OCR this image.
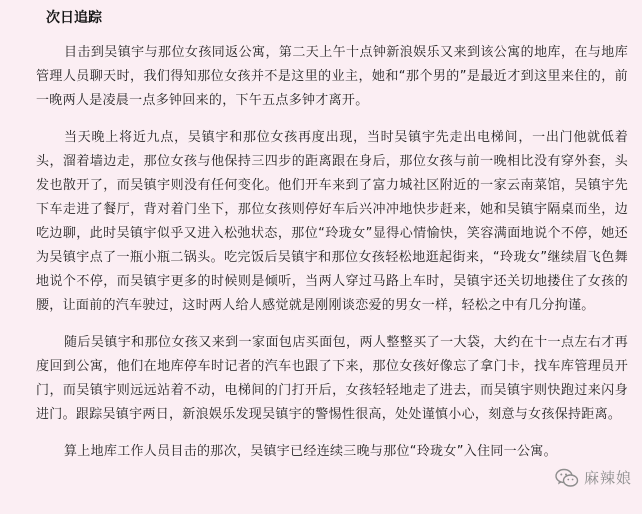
次日追踪

目击到吴镇宇与那位女孩同返公寓，第二天上午十点钟新浪娱乐又来到该公寓的地库，在与地库管理人员聊天时，我们得知那位女孩并不是这里的业主，她和“那个男的”是最近才到这里来住的，前一晚两人是凌晨一点多钟回来的，下午五点多钟才离开。

当天晚上将近九点，吴镇宇和那位女孩再度出现，当时吴镇宇先走出电梯间，一出门他就低着头，溜着墙边走，那位女孩与他保持三四步的距离跟在身后，那位女孩与前一晚相比没有穿外套，头发也散开了，而吴镇宇则没有任何变化。他们开车来到了富力城社区附近的一家云南菜馆，吴镇宇先下车走进了餐厅，背对着门坐下，那位女孩则停好车后兴冲冲地快步赶来，她和吴镇宇隔桌而坐，边吃边聊，此时吴镇宇似乎又进入松弛状态，那位“玲珑女”显得心情愉快，笑容满面地说个不停，她还为吴镇宇点了一瓶小瓶二锅头。吃完饭后吴镇宇和那位女孩轻松地逛起街来，“玲珑女”继续眉飞色舞地说个不停，而吴镇宇更多的时候则是倾听，当两人穿过马路上车时，吴镇宇还关切地搂住了女孩的腰，让面前的汽车驶过，这时两人给人感觉就是刚刚谈恋爱的男女一样，轻松之中有几分拘谨。

随后吴镇宇和那位女孩又来到一家面包店买面包，两人整整买了一大袋，大约在十一点左右才再度回到公寓，他们在地库停车时记者的汽车也跟了下来，那位女孩好像忘了拿门卡，找车库管理员开门，而吴镇宇则远远站着不动，电梯间的门打开后，女孩轻轻地走了进去，而吴镇宇则快跑过来闪身进门。跟踪吴镇宇两日，新浪娱乐发现吴镇宇的警惕性很高，处处谨慎小心，刻意与女孩保持距离。

算上地库工作人员目击的那次，吴镇宇已经连续三晚与那位“玲珑女”入住同一公寓。

麻辣娘
